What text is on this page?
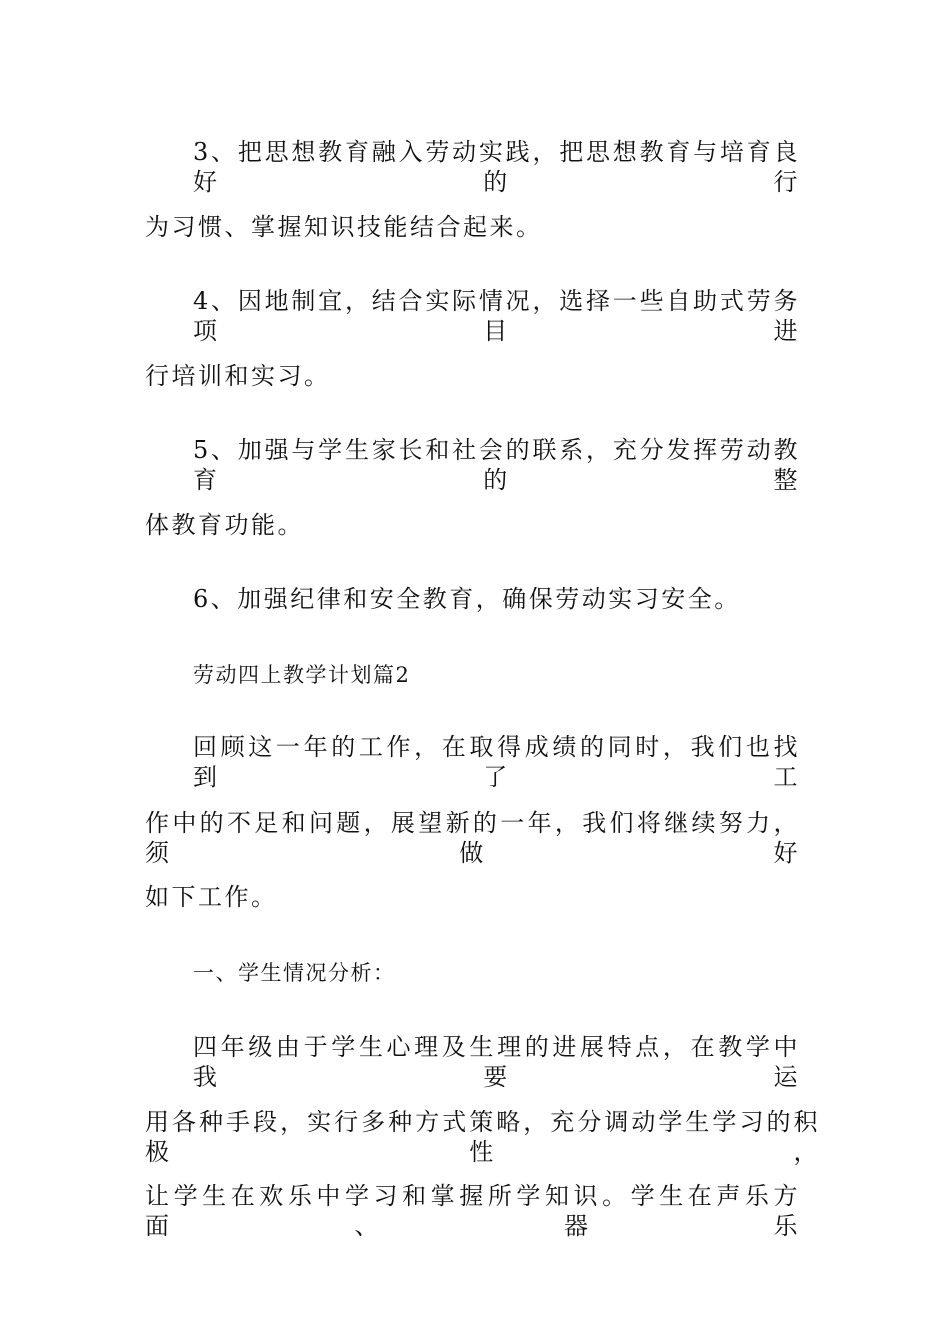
3、把思想教育融入劳动实践，把思想教育与培育良好的行
为习惯、掌握知识技能结合起来。
4、因地制宜，结合实际情况，选择一些自助式劳务项目进
行培训和实习。
5、加强与学生家长和社会的联系，充分发挥劳动教育的整
体教育功能。
6、加强纪律和安全教育，确保劳动实习安全。
劳动四上教学计划篇2
回顾这一年的工作，在取得成绩的同时，我们也找到了工
作中的不足和问题，展望新的一年，我们将继续努力，须做好
如下工作。
一、学生情况分析：
四年级由于学生心理及生理的进展特点，在教学中我要运
用各种手段，实行多种方式策略，充分调动学生学习的积极性，
让学生在欢乐中学习和掌握所学知识。学生在声乐方面、器乐
